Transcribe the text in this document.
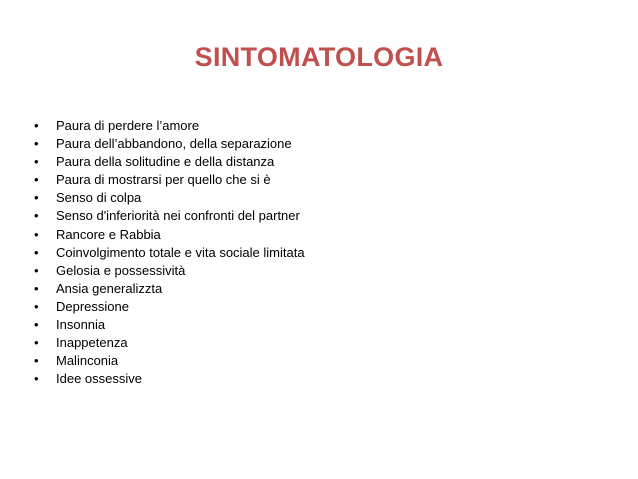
SINTOMATOLOGIA
• Paura di perdere l’amore
• Paura dell’abbandono, della separazione
• Paura della solitudine e della distanza
• Paura di mostrarsi per quello che si è
• Senso di colpa
• Senso d'inferiorità nei confronti del partner
• Rancore e Rabbia
• Coinvolgimento totale e vita sociale limitata
• Gelosia e possessività
• Ansia generalizzta
• Depressione
• Insonnia
• Inappetenza
• Malinconia
• Idee ossessive
